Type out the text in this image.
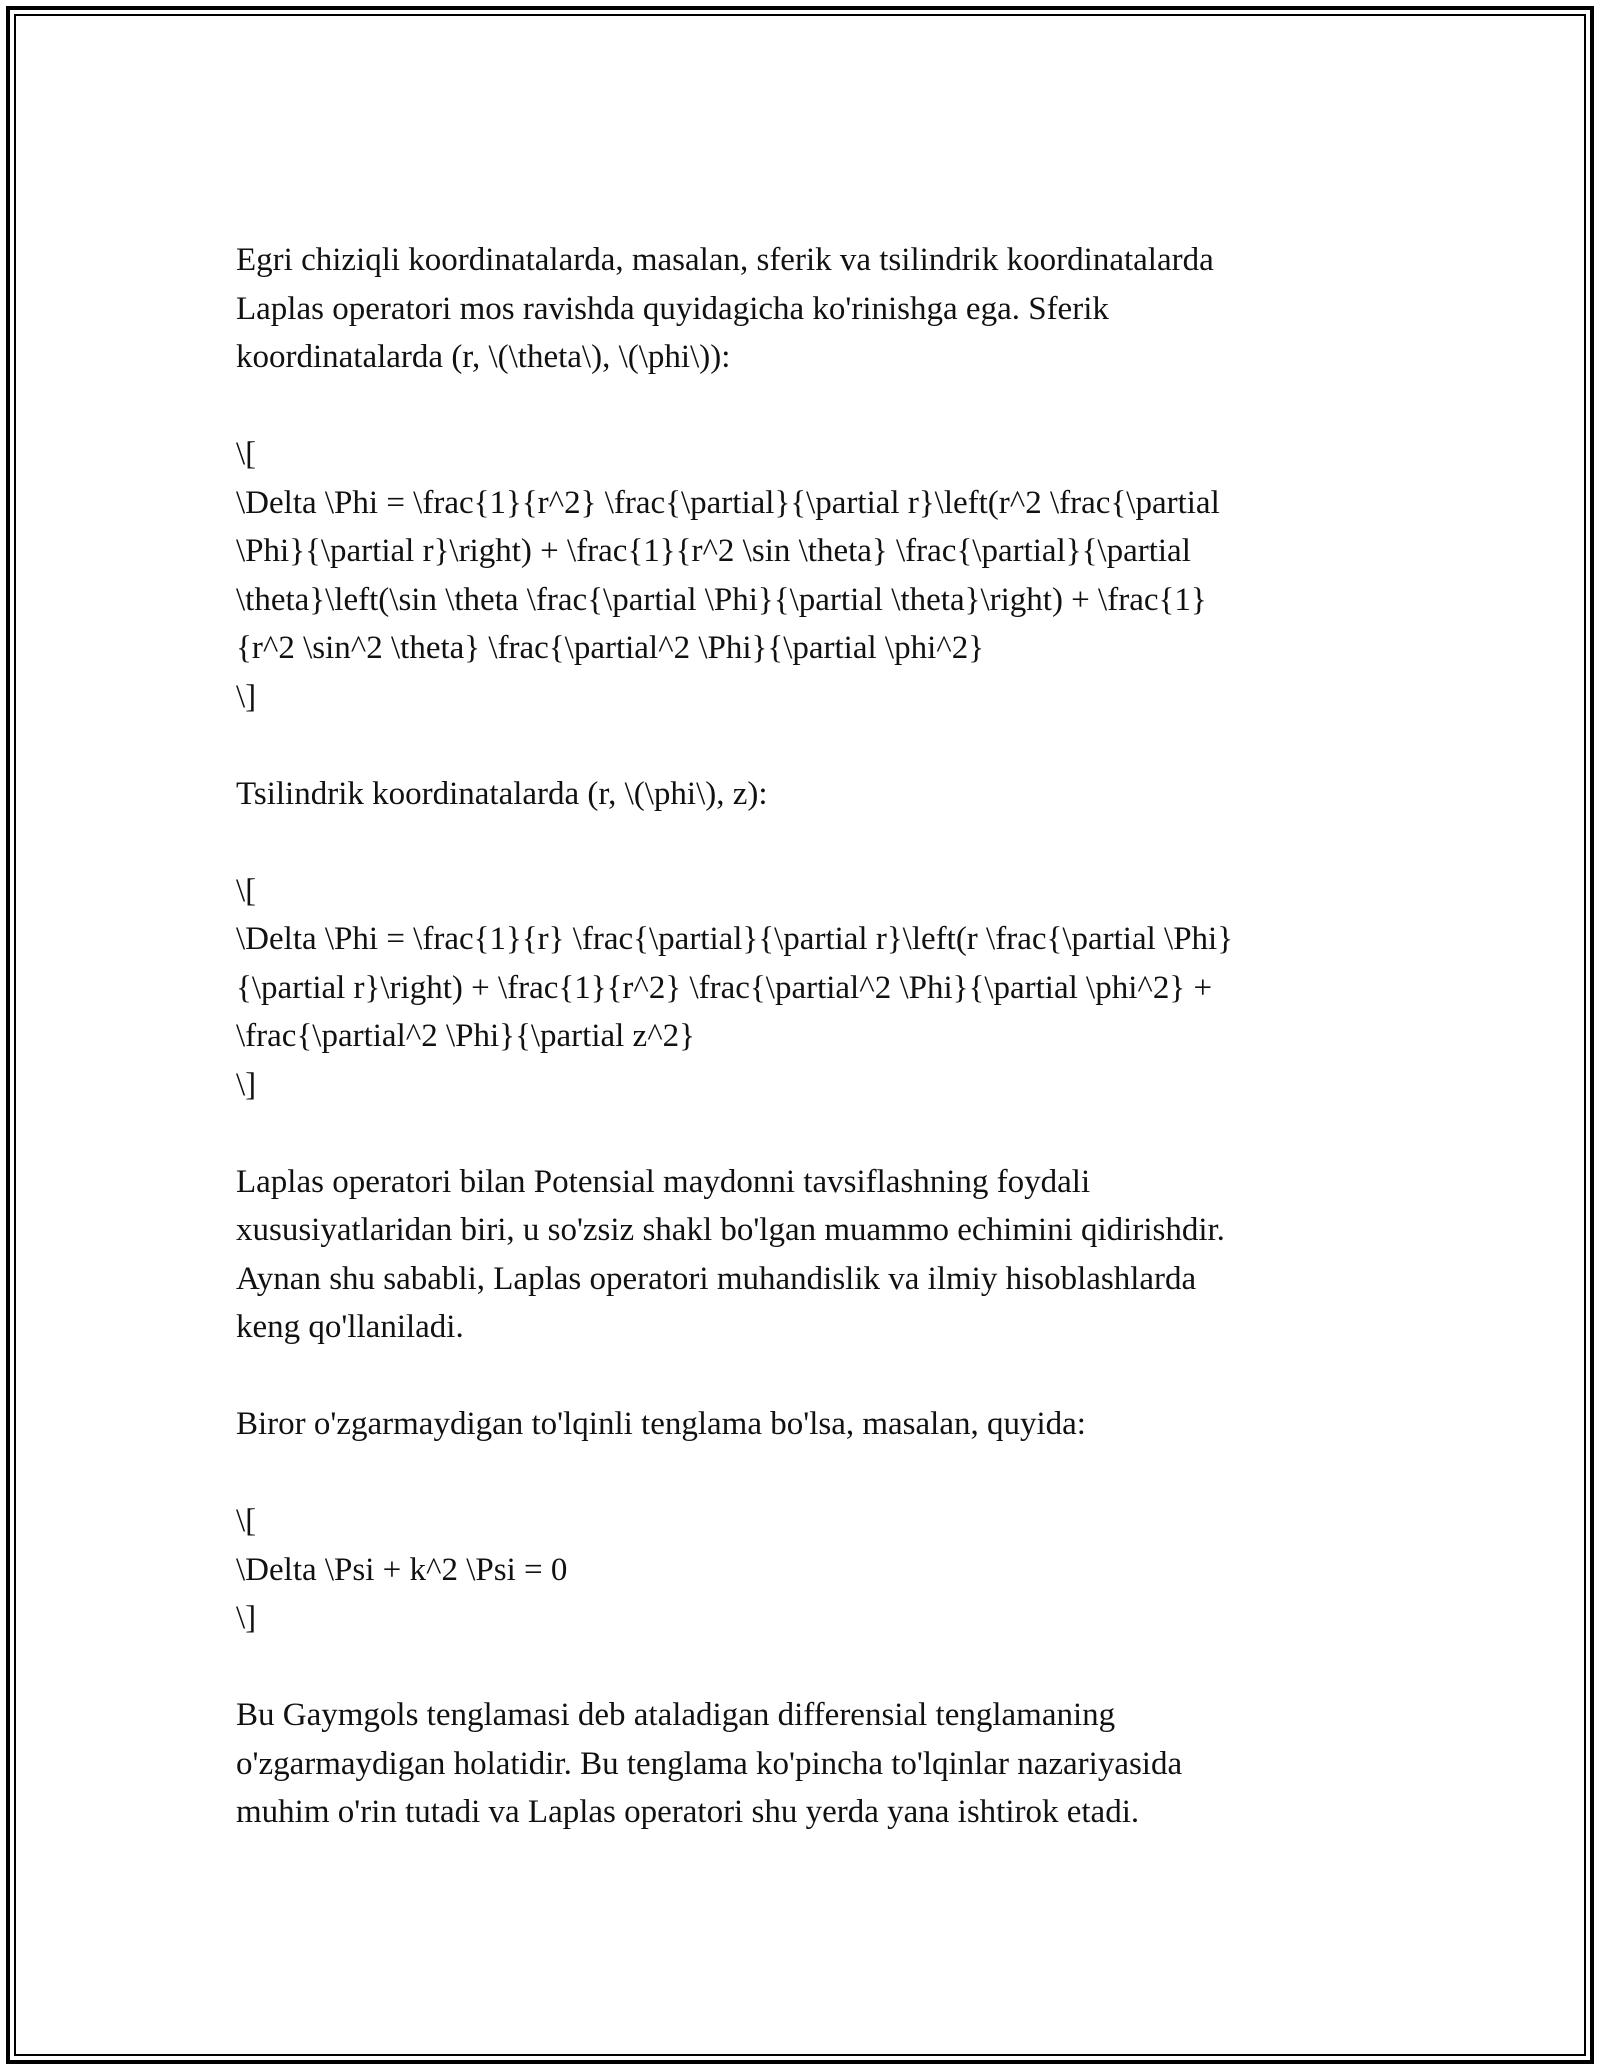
Egri chiziqli koordinatalarda, masalan, sferik va tsilindrik koordinatalarda
Laplas operatori mos ravishda quyidagicha ko'rinishga ega. Sferik
koordinatalarda (r, \(\theta\), \(\phi\)):

\[
\Delta \Phi = \frac{1}{r^2} \frac{\partial}{\partial r}\left(r^2 \frac{\partial
\Phi}{\partial r}\right) + \frac{1}{r^2 \sin \theta} \frac{\partial}{\partial
\theta}\left(\sin \theta \frac{\partial \Phi}{\partial \theta}\right) + \frac{1}
{r^2 \sin^2 \theta} \frac{\partial^2 \Phi}{\partial \phi^2}
\]

Tsilindrik koordinatalarda (r, \(\phi\), z):

\[
\Delta \Phi = \frac{1}{r} \frac{\partial}{\partial r}\left(r \frac{\partial \Phi}
{\partial r}\right) + \frac{1}{r^2} \frac{\partial^2 \Phi}{\partial \phi^2} +
\frac{\partial^2 \Phi}{\partial z^2}
\]

Laplas operatori bilan Potensial maydonni tavsiflashning foydali
xususiyatlaridan biri, u so'zsiz shakl bo'lgan muammo echimini qidirishdir.
Aynan shu sababli, Laplas operatori muhandislik va ilmiy hisoblashlarda
keng qo'llaniladi.

Biror o'zgarmaydigan to'lqinli tenglama bo'lsa, masalan, quyida:

\[
\Delta \Psi + k^2 \Psi = 0
\]

Bu Gaymgols tenglamasi deb ataladigan differensial tenglamaning
o'zgarmaydigan holatidir. Bu tenglama ko'pincha to'lqinlar nazariyasida
muhim o'rin tutadi va Laplas operatori shu yerda yana ishtirok etadi.
